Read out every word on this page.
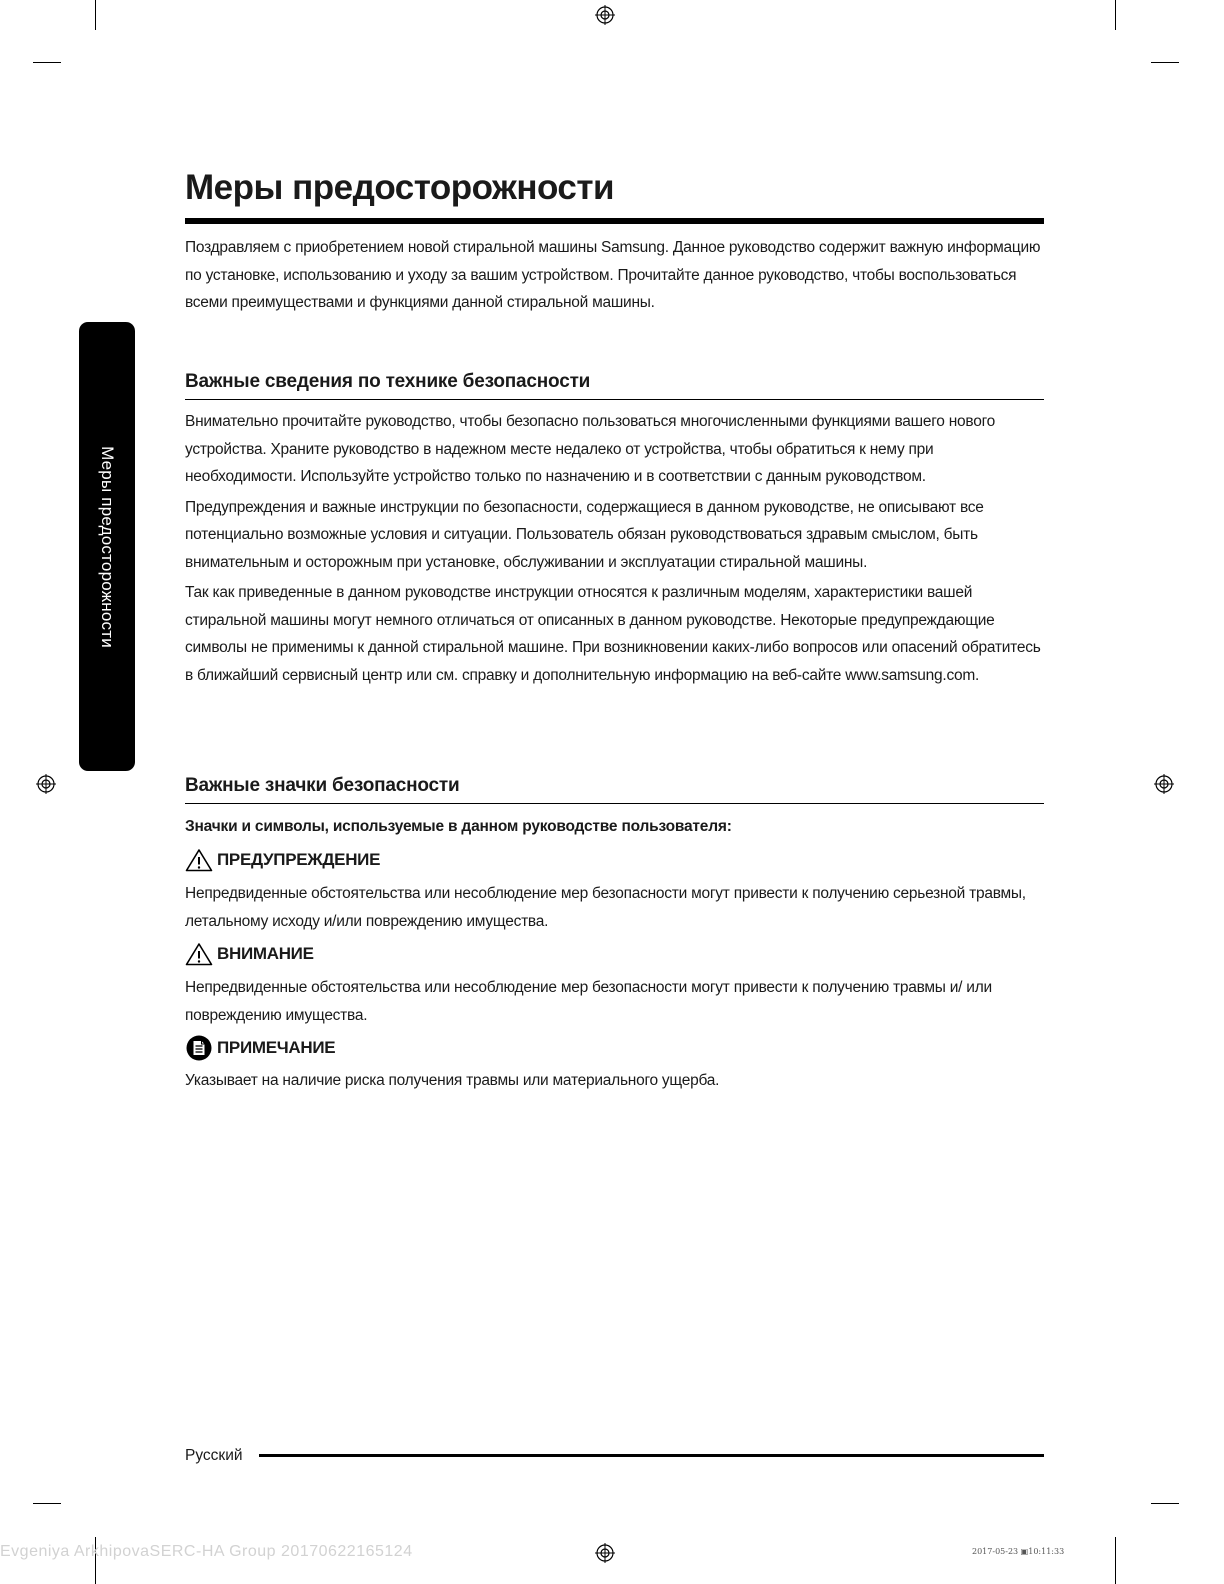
Меры предосторожности
Меры предосторожности

Поздравляем с приобретением новой стиральной машины Samsung. Данное руководство содержит важную информацию по установке, использованию и уходу за вашим устройством. Прочитайте данное руководство, чтобы воспользоваться всеми преимуществами и функциями данной стиральной машины.

Важные сведения по технике безопасности

Внимательно прочитайте руководство, чтобы безопасно пользоваться многочисленными функциями вашего нового устройства. Храните руководство в надежном месте недалеко от устройства, чтобы обратиться к нему при необходимости. Используйте устройство только по назначению и в соответствии с данным руководством.

Предупреждения и важные инструкции по безопасности, содержащиеся в данном руководстве, не описывают все потенциально возможные условия и ситуации. Пользователь обязан руководствоваться здравым смыслом, быть внимательным и осторожным при установке, обслуживании и эксплуатации стиральной машины.

Так как приведенные в данном руководстве инструкции относятся к различным моделям, характеристики вашей стиральной машины могут немного отличаться от описанных в данном руководстве. Некоторые предупреждающие символы не применимы к данной стиральной машине. При возникновении каких-либо вопросов или опасений обратитесь в ближайший сервисный центр или см. справку и дополнительную информацию на веб-сайте www.samsung.com.

Важные значки безопасности
Значки и символы, используемые в данном руководстве пользователя:
ПРЕДУПРЕЖДЕНИЕ

Непредвиденные обстоятельства или несоблюдение мер безопасности могут привести к получению серьезной травмы, летальному исходу и/или повреждению имущества.

ВНИМАНИЕ

Непредвиденные обстоятельства или несоблюдение мер безопасности могут привести к получению травмы и/ или повреждению имущества.

ПРИМЕЧАНИЕ

Указывает на наличие риска получения травмы или материального ущерба.

Русский
Evgeniya ArkhipovaSERC-HA Group 20170622165124	2017-05-23 ▣10:11:33
